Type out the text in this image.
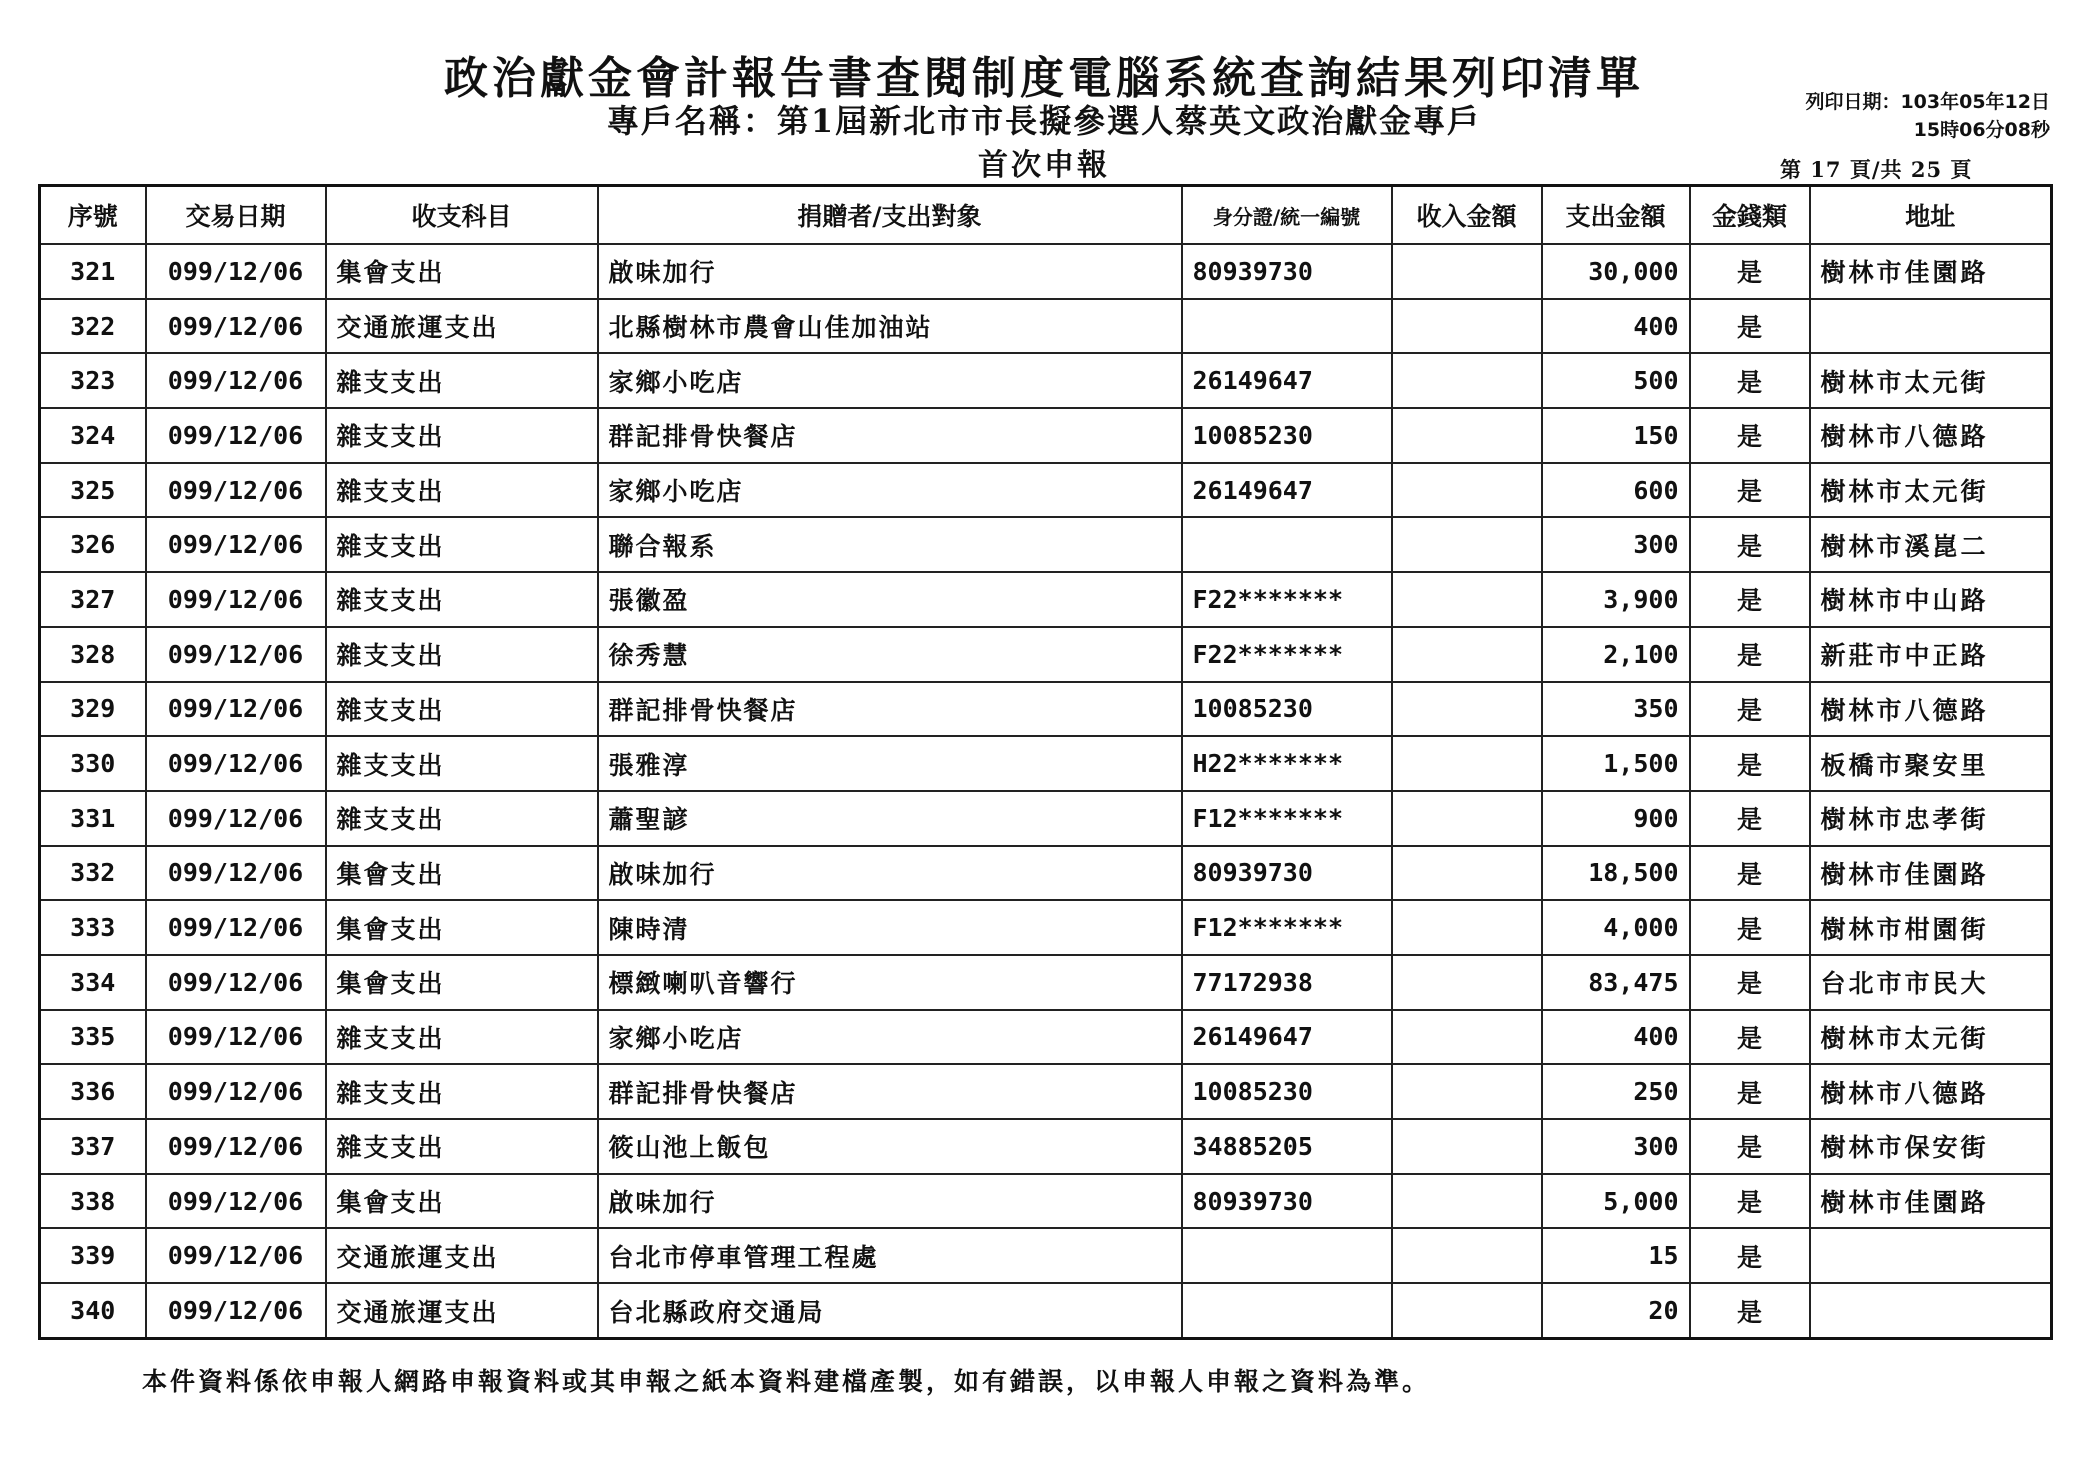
政治獻金會計報告書查閱制度電腦系統查詢結果列印清單
專戶名稱：第1屆新北市市長擬參選人蔡英文政治獻金專戶
首次申報
列印日期：103年05年12日
15時06分08秒
第 17 頁/共 25 頁
序號	交易日期	收支科目	捐贈者/支出對象	身分證/統一編號	收入金額	支出金額	金錢類	地址
321	099/12/06	集會支出	啟味加行	80939730		30,000	是	樹林市佳園路
322	099/12/06	交通旅運支出	北縣樹林市農會山佳加油站			400	是	
323	099/12/06	雜支支出	家鄉小吃店	26149647		500	是	樹林市太元街
324	099/12/06	雜支支出	群記排骨快餐店	10085230		150	是	樹林市八德路
325	099/12/06	雜支支出	家鄉小吃店	26149647		600	是	樹林市太元街
326	099/12/06	雜支支出	聯合報系			300	是	樹林市溪崑二
327	099/12/06	雜支支出	張徽盈	F22*******		3,900	是	樹林市中山路
328	099/12/06	雜支支出	徐秀慧	F22*******		2,100	是	新莊市中正路
329	099/12/06	雜支支出	群記排骨快餐店	10085230		350	是	樹林市八德路
330	099/12/06	雜支支出	張雅淳	H22*******		1,500	是	板橋市聚安里
331	099/12/06	雜支支出	蕭聖諺	F12*******		900	是	樹林市忠孝街
332	099/12/06	集會支出	啟味加行	80939730		18,500	是	樹林市佳園路
333	099/12/06	集會支出	陳時清	F12*******		4,000	是	樹林市柑園街
334	099/12/06	集會支出	標緻喇叭音響行	77172938		83,475	是	台北市市民大
335	099/12/06	雜支支出	家鄉小吃店	26149647		400	是	樹林市太元街
336	099/12/06	雜支支出	群記排骨快餐店	10085230		250	是	樹林市八德路
337	099/12/06	雜支支出	筱山池上飯包	34885205		300	是	樹林市保安街
338	099/12/06	集會支出	啟味加行	80939730		5,000	是	樹林市佳園路
339	099/12/06	交通旅運支出	台北市停車管理工程處			15	是	
340	099/12/06	交通旅運支出	台北縣政府交通局			20	是	
本件資料係依申報人網路申報資料或其申報之紙本資料建檔產製，如有錯誤，以申報人申報之資料為準。
